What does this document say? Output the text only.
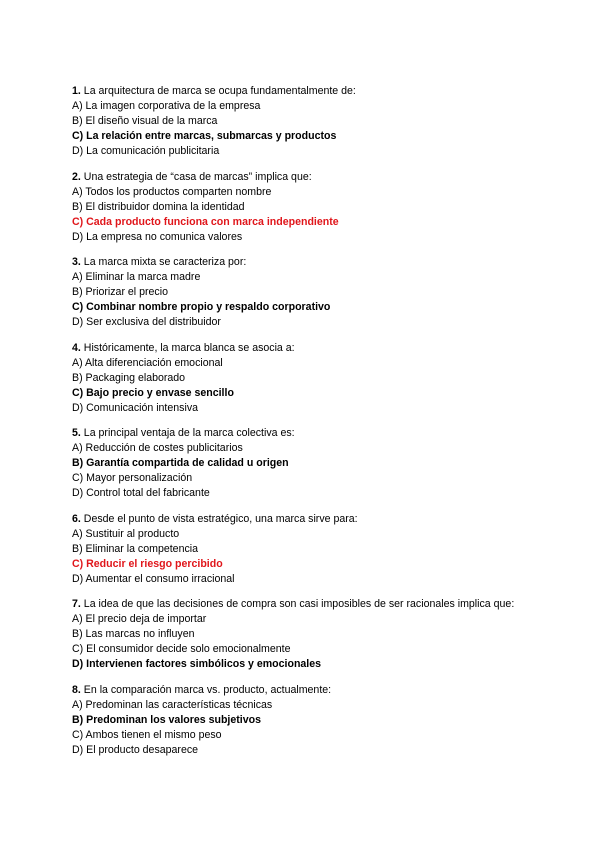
1. La arquitectura de marca se ocupa fundamentalmente de:
A) La imagen corporativa de la empresa
B) El diseño visual de la marca
C) La relación entre marcas, submarcas y productos
D) La comunicación publicitaria
2. Una estrategia de “casa de marcas” implica que:
A) Todos los productos comparten nombre
B) El distribuidor domina la identidad
C) Cada producto funciona con marca independiente
D) La empresa no comunica valores
3. La marca mixta se caracteriza por:
A) Eliminar la marca madre
B) Priorizar el precio
C) Combinar nombre propio y respaldo corporativo
D) Ser exclusiva del distribuidor
4. Históricamente, la marca blanca se asocia a:
A) Alta diferenciación emocional
B) Packaging elaborado
C) Bajo precio y envase sencillo
D) Comunicación intensiva
5. La principal ventaja de la marca colectiva es:
A) Reducción de costes publicitarios
B) Garantía compartida de calidad u origen
C) Mayor personalización
D) Control total del fabricante
6. Desde el punto de vista estratégico, una marca sirve para:
A) Sustituir al producto
B) Eliminar la competencia
C) Reducir el riesgo percibido
D) Aumentar el consumo irracional
7. La idea de que las decisiones de compra son casi imposibles de ser racionales implica que:
A) El precio deja de importar
B) Las marcas no influyen
C) El consumidor decide solo emocionalmente
D) Intervienen factores simbólicos y emocionales
8. En la comparación marca vs. producto, actualmente:
A) Predominan las características técnicas
B) Predominan los valores subjetivos
C) Ambos tienen el mismo peso
D) El producto desaparece
